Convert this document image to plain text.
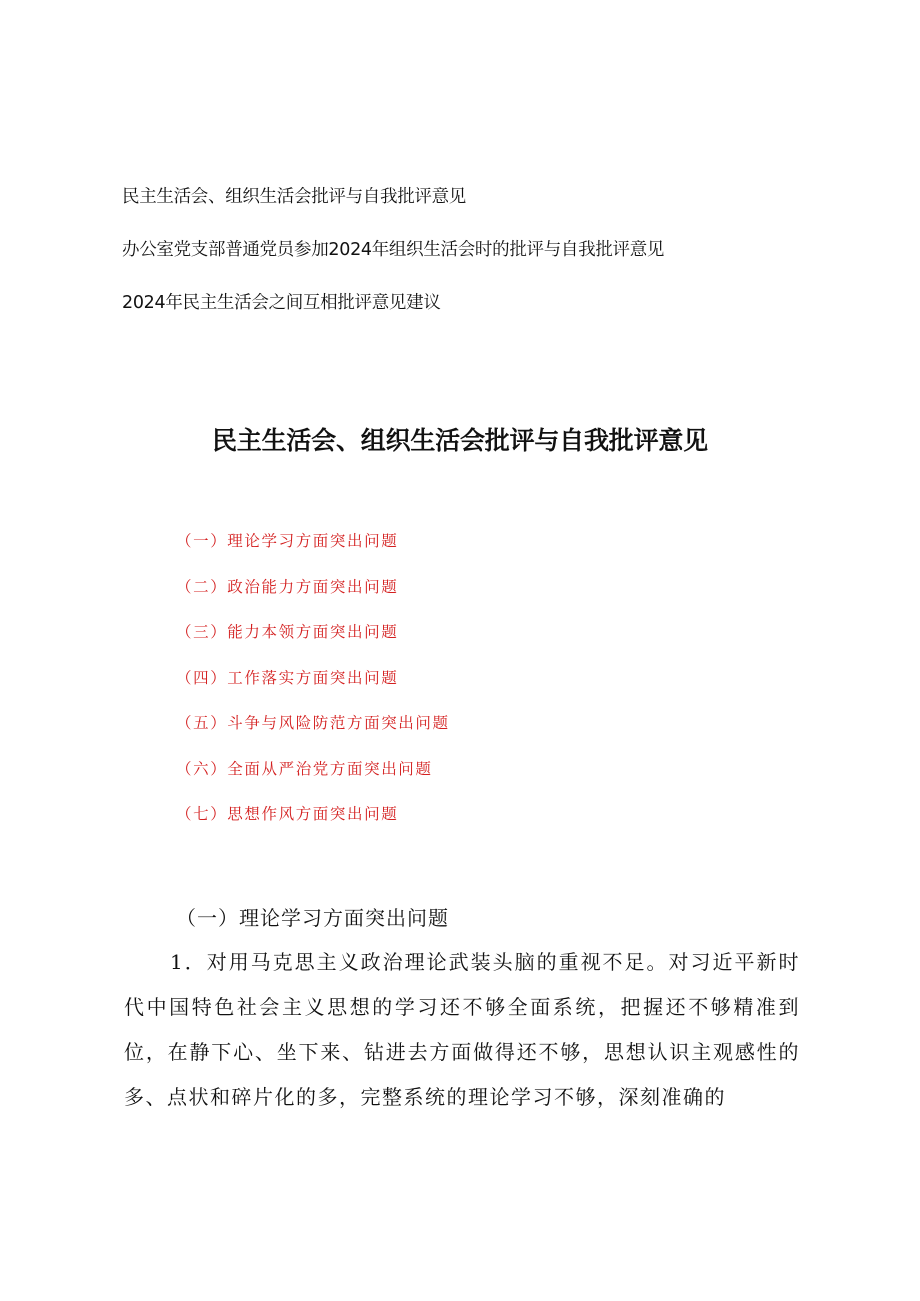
民主生活会、组织生活会批评与自我批评意见

办公室党支部普通党员参加2024年组织生活会时的批评与自我批评意见

2024年民主生活会之间互相批评意见建议

民主生活会、组织生活会批评与自我批评意见
（一）理论学习方面突出问题
（二）政治能力方面突出问题
（三）能力本领方面突出问题
（四）工作落实方面突出问题
（五）斗争与风险防范方面突出问题
（六）全面从严治党方面突出问题
（七）思想作风方面突出问题

（一）理论学习方面突出问题

1．对用马克思主义政治理论武装头脑的重视不足。对习近平新时代中国特色社会主义思想的学习还不够全面系统，把握还不够精准到位，在静下心、坐下来、钻进去方面做得还不够，思想认识主观感性的多、点状和碎片化的多，完整系统的理论学习不够，深刻准确的
